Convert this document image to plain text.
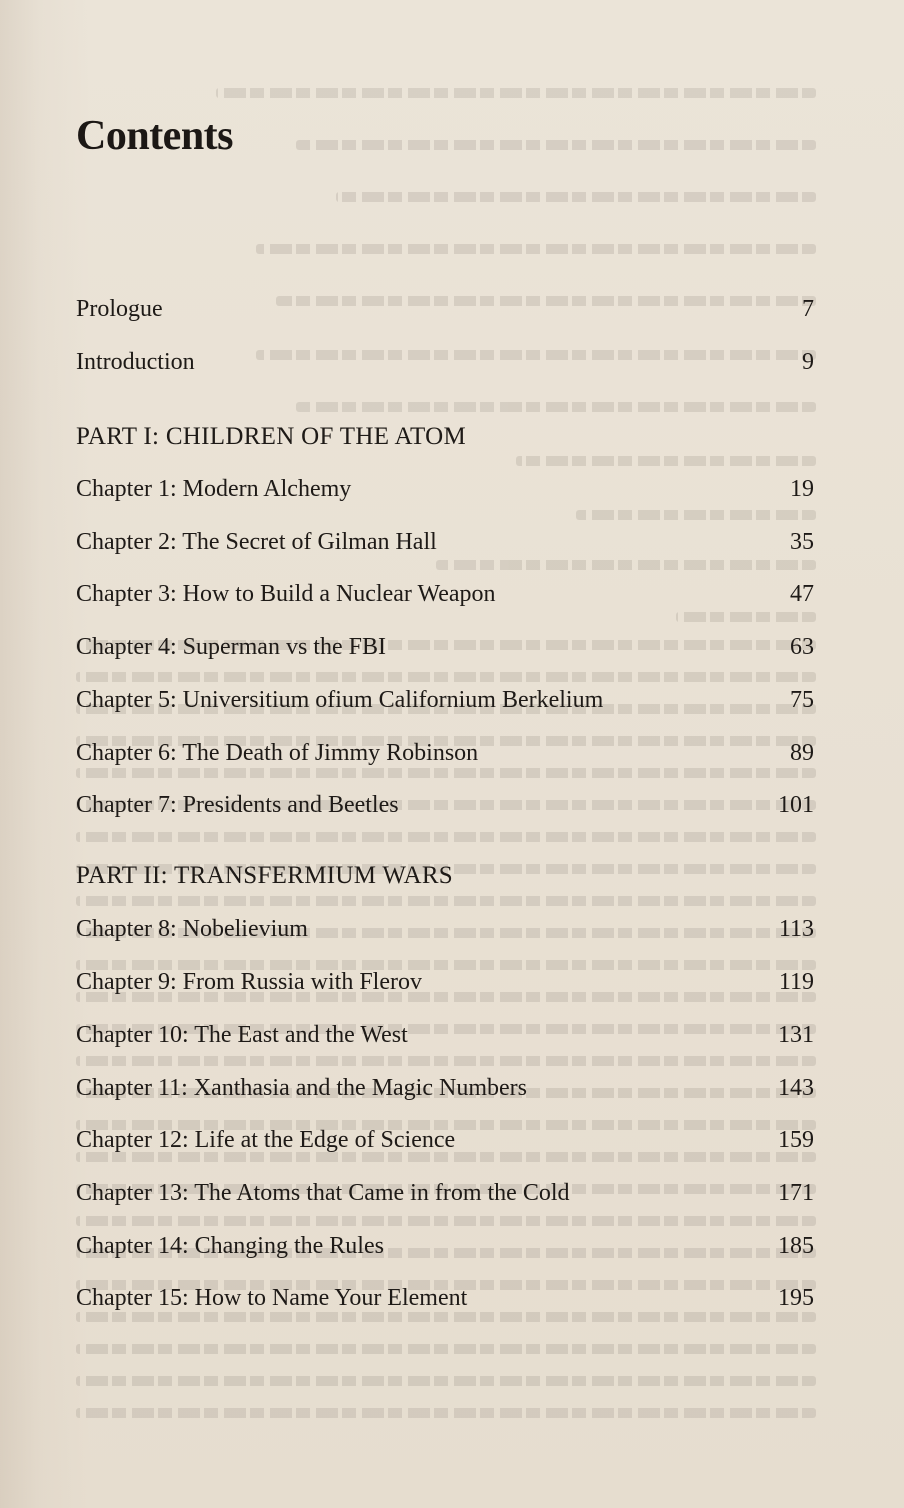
Contents
Prologue	7
Introduction	9
PART I: CHILDREN OF THE ATOM
Chapter 1: Modern Alchemy	19
Chapter 2: The Secret of Gilman Hall	35
Chapter 3: How to Build a Nuclear Weapon	47
Chapter 4: Superman vs the FBI	63
Chapter 5: Universitium ofium Californium Berkelium	75
Chapter 6: The Death of Jimmy Robinson	89
Chapter 7: Presidents and Beetles	101
PART II: TRANSFERMIUM WARS
Chapter 8: Nobelievium	113
Chapter 9: From Russia with Flerov	119
Chapter 10: The East and the West	131
Chapter 11: Xanthasia and the Magic Numbers	143
Chapter 12: Life at the Edge of Science	159
Chapter 13: The Atoms that Came in from the Cold	171
Chapter 14: Changing the Rules	185
Chapter 15: How to Name Your Element	195
